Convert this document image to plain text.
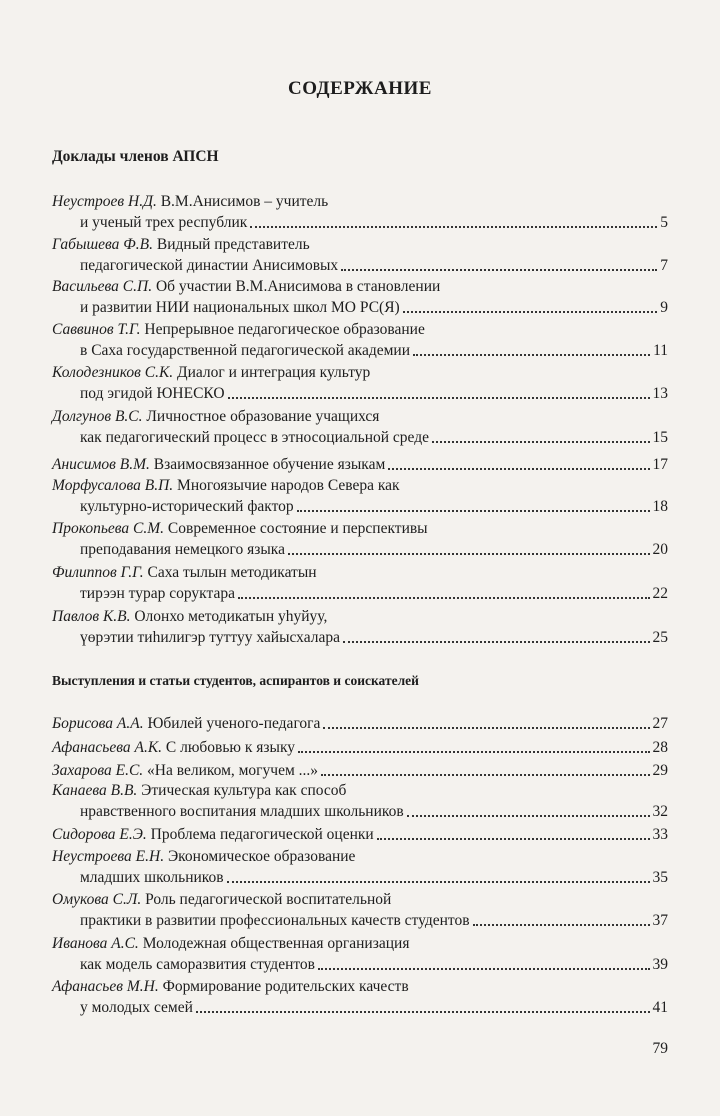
СОДЕРЖАНИЕ
Доклады членов АПСН
Неустроев Н.Д. В.М.Анисимов – учитель
и ученый трех республик	5
Габышева Ф.В. Видный представитель
педагогической династии Анисимовых	7
Васильева С.П. Об участии В.М.Анисимова в становлении
и развитии НИИ национальных школ МО РС(Я)	9
Саввинов Т.Г. Непрерывное педагогическое образование
в Саха государственной педагогической академии	11
Колодезников С.К. Диалог и интеграция культур
под эгидой ЮНЕСКО	13
Долгунов В.С. Личностное образование учащихся
как педагогический процесс в этносоциальной среде	15
Анисимов В.М. Взаимосвязанное обучение языкам	17
Морфусалова В.П. Многоязычие народов Севера как
культурно-исторический фактор	18
Прокопьева С.М. Современное состояние и перспективы
преподавания немецкого языка	20
Филиппов Г.Г. Саха тылын методикатын
тирээн турар соруктара	22
Павлов К.В. Олонхо методикатын уhуйуу,
үөрэтии тиhилигэр туттуу хайысхалара	25
Выступления и статьи студентов, аспирантов и соискателей
Борисова А.А. Юбилей ученого-педагога	27
Афанасьева А.К. С любовью к языку	28
Захарова Е.С. «На великом, могучем ...»	29
Канаева В.В. Этическая культура как способ
нравственного воспитания младших школьников	32
Сидорова Е.Э. Проблема педагогической оценки	33
Неустроева Е.Н. Экономическое образование
младших школьников	35
Омукова С.Л. Роль педагогической воспитательной
практики в развитии профессиональных качеств студентов	37
Иванова А.С. Молодежная общественная организация
как модель саморазвития студентов	39
Афанасьев М.Н. Формирование родительских качеств
у молодых семей	41
79
